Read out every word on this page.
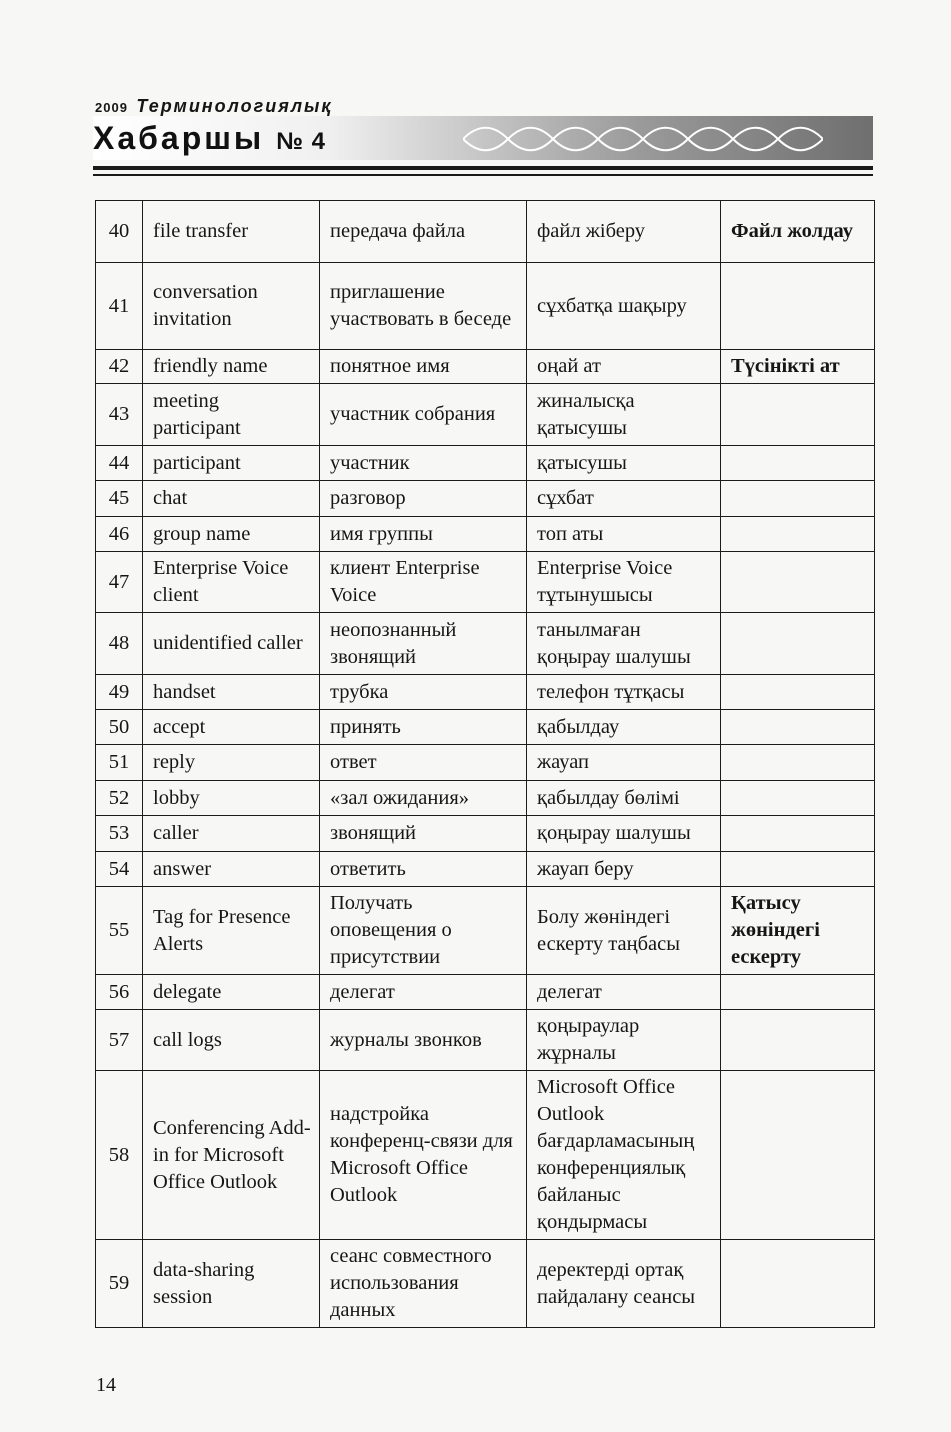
2009 Терминологиялық
Хабаршы № 4
40	file transfer	передача файла	файл жіберу	Файл жолдау
41	conversation invitation	приглашение участвовать в беседе	сұхбатқа шақыру	
42	friendly name	понятное имя	оңай ат	Түсінікті ат
43	meeting participant	участник собрания	жиналысқа қатысушы	
44	participant	участник	қатысушы	
45	chat	разговор	сұхбат	
46	group name	имя группы	топ аты	
47	Enterprise Voice client	клиент Enterprise Voice	Enterprise Voice тұтынушысы	
48	unidentified caller	неопознанный звонящий	танылмаған қоңырау шалушы	
49	handset	трубка	телефон тұтқасы	
50	accept	принять	қабылдау	
51	reply	ответ	жауап	
52	lobby	«зал ожидания»	қабылдау бөлімі	
53	caller	звонящий	қоңырау шалушы	
54	answer	ответить	жауап беру	
55	Tag for Presence Alerts	Получать оповещения о присутствии	Болу жөніндегі ескерту таңбасы	Қатысу жөніндегі ескерту
56	delegate	делегат	делегат	
57	call logs	журналы звонков	қоңыраулар жұрналы	
58	Conferencing Add-in for Microsoft Office Outlook	надстройка конференц-связи для Microsoft Office Outlook	Microsoft Office Outlook бағдарламасының конференциялық байланыс қондырмасы	
59	data-sharing session	сеанс совместного использования данных	деректерді ортақ пайдалану сеансы	
14
